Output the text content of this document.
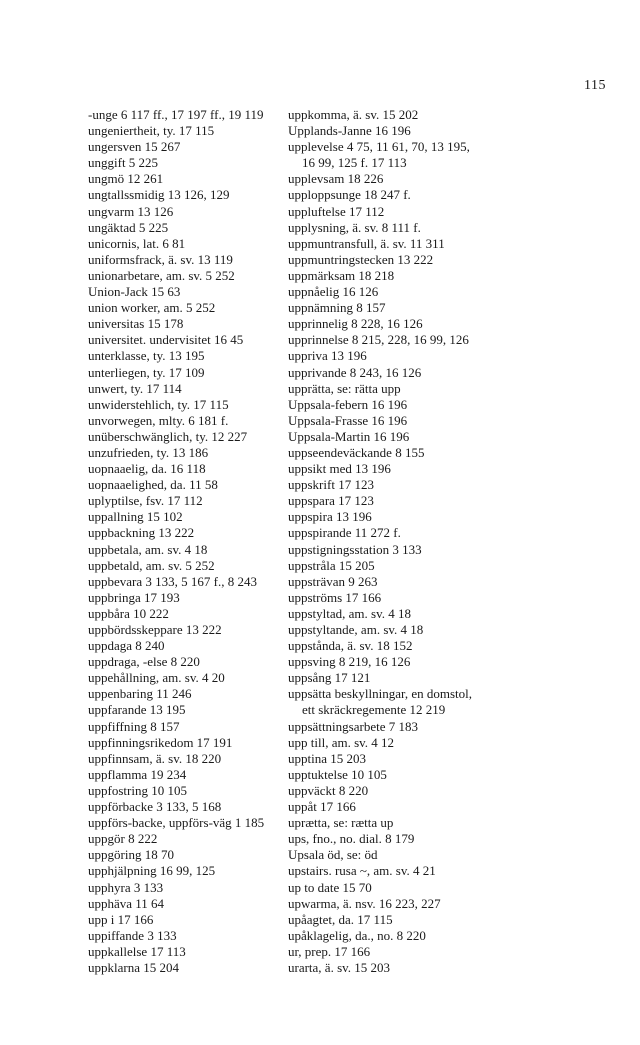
115
-unge 6 117 ff., 17 197 ff., 19 119
ungeniertheit, ty. 17 115
ungersven 15 267
unggift 5 225
ungmö 12 261
ungtallssmidig 13 126, 129
ungvarm 13 126
ungäktad 5 225
unicornis, lat. 6 81
uniformsfrack, ä. sv. 13 119
unionarbetare, am. sv. 5 252
Union-Jack 15 63
union worker, am. 5 252
universitas 15 178
universitet. undervisitet 16 45
unterklasse, ty. 13 195
unterliegen, ty. 17 109
unwert, ty. 17 114
unwiderstehlich, ty. 17 115
unvorwegen, mlty. 6 181 f.
unüberschwänglich, ty. 12 227
unzufrieden, ty. 13 186
uopnaaelig, da. 16 118
uopnaaelighed, da. 11 58
uplyptilse, fsv. 17 112
uppallning 15 102
uppbackning 13 222
uppbetala, am. sv. 4 18
uppbetald, am. sv. 5 252
uppbevara 3 133, 5 167 f., 8 243
uppbringa 17 193
uppbåra 10 222
uppbördsskeppare 13 222
uppdaga 8 240
uppdraga, -else 8 220
uppehållning, am. sv. 4 20
uppenbaring 11 246
uppfarande 13 195
uppfiffning 8 157
uppfinningsrikedom 17 191
uppfinnsam, ä. sv. 18 220
uppflamma 19 234
uppfostring 10 105
uppförbacke 3 133, 5 168
uppförs-backe, uppförs-väg 1 185
uppgör 8 222
uppgöring 18 70
upphjälpning 16 99, 125
upphyra 3 133
upphäva 11 64
upp i 17 166
uppiffande 3 133
uppkallelse 17 113
uppklarna 15 204
uppkomma, ä. sv. 15 202
Upplands-Janne 16 196
upplevelse 4 75, 11 61, 70, 13 195,
16 99, 125 f. 17 113
upplevsam 18 226
upploppsunge 18 247 f.
uppluftelse 17 112
upplysning, ä. sv. 8 111 f.
uppmuntransfull, ä. sv. 11 311
uppmuntringstecken 13 222
uppmärksam 18 218
uppnåelig 16 126
uppnämning 8 157
upprinnelig 8 228, 16 126
upprinnelse 8 215, 228, 16 99, 126
uppriva 13 196
upprivande 8 243, 16 126
upprätta, se: rätta upp
Uppsala-febern 16 196
Uppsala-Frasse 16 196
Uppsala-Martin 16 196
uppseendeväckande 8 155
uppsikt med 13 196
uppskrift 17 123
uppspara 17 123
uppspira 13 196
uppspirande 11 272 f.
uppstigningsstation 3 133
uppstråla 15 205
uppsträvan 9 263
uppströms 17 166
uppstyltad, am. sv. 4 18
uppstyltande, am. sv. 4 18
uppstånda, ä. sv. 18 152
uppsving 8 219, 16 126
uppsång 17 121
uppsätta beskyllningar, en domstol,
ett skräckregemente 12 219
uppsättningsarbete 7 183
upp till, am. sv. 4 12
upptina 15 203
upptuktelse 10 105
uppväckt 8 220
uppåt 17 166
uprætta, se: rætta up
ups, fno., no. dial. 8 179
Upsala öd, se: öd
upstairs. rusa ~, am. sv. 4 21
up to date 15 70
upwarma, ä. nsv. 16 223, 227
upåagtet, da. 17 115
upåklagelig, da., no. 8 220
ur, prep. 17 166
urarta, ä. sv. 15 203
